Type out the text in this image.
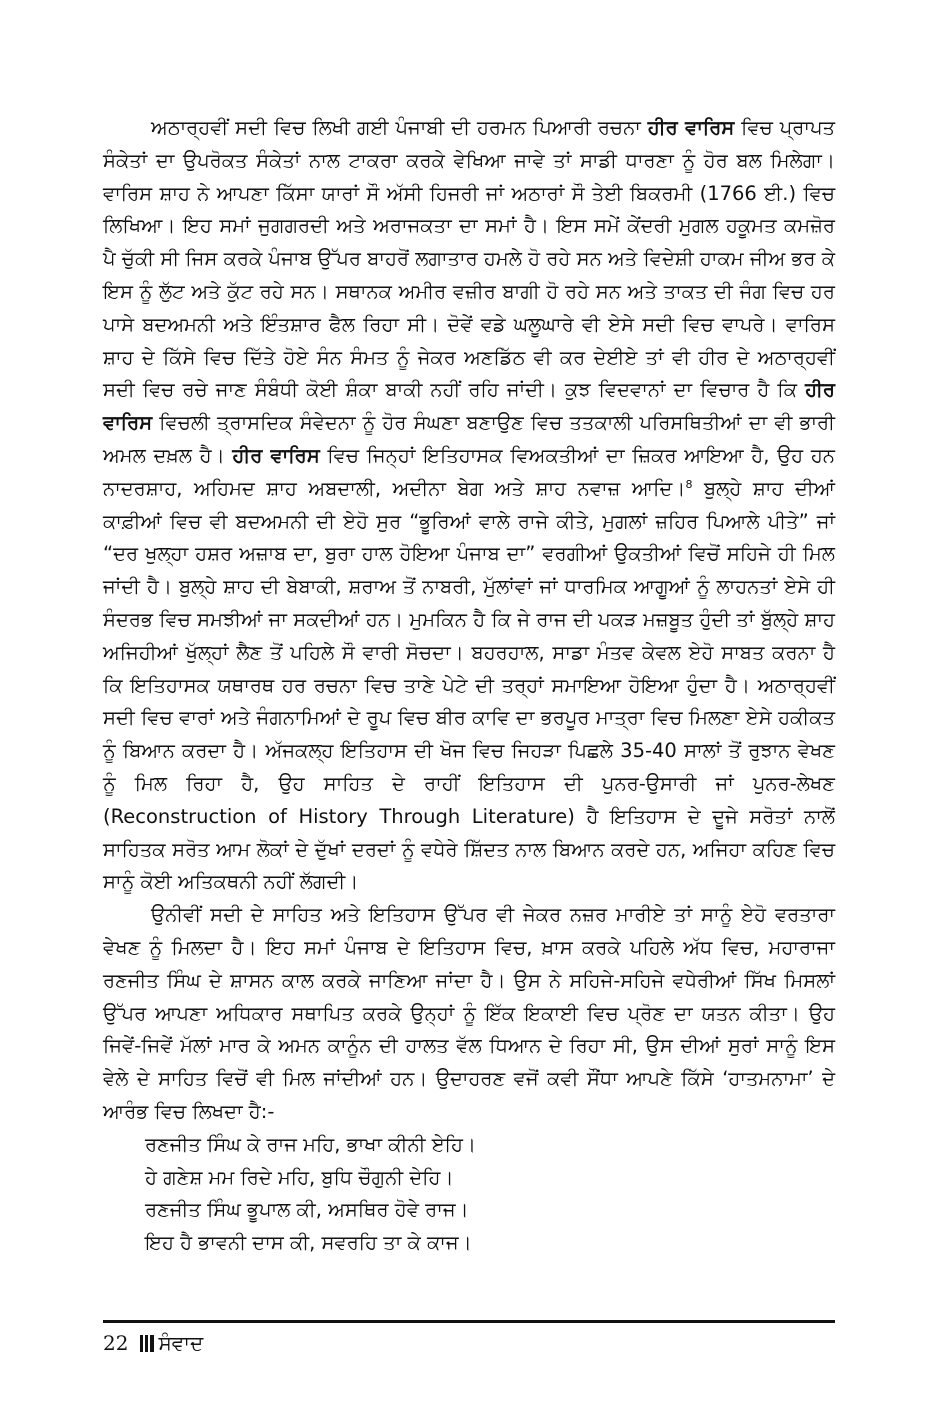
ਅਠਾਰ੍ਹਵੀਂ ਸਦੀ ਵਿਚ ਲਿਖੀ ਗਈ ਪੰਜਾਬੀ ਦੀ ਹਰਮਨ ਪਿਆਰੀ ਰਚਨਾ ਹੀਰ ਵਾਰਿਸ ਵਿਚ ਪ੍ਰਾਪਤ ਸੰਕੇਤਾਂ ਦਾ ਉਪਰੋਕਤ ਸੰਕੇਤਾਂ ਨਾਲ ਟਾਕਰਾ ਕਰਕੇ ਵੇਖਿਆ ਜਾਵੇ ਤਾਂ ਸਾਡੀ ਧਾਰਣਾ ਨੂੰ ਹੋਰ ਬਲ ਮਿਲੇਗਾ। ਵਾਰਿਸ ਸ਼ਾਹ ਨੇ ਆਪਣਾ ਕਿੱਸਾ ਯਾਰਾਂ ਸੌ ਅੱਸੀ ਹਿਜਰੀ ਜਾਂ ਅਠਾਰਾਂ ਸੌ ਤੇਈ ਬਿਕਰਮੀ (1766 ਈ.) ਵਿਚ ਲਿਖਿਆ। ਇਹ ਸਮਾਂ ਜੁਗਗਰਦੀ ਅਤੇ ਅਰਾਜਕਤਾ ਦਾ ਸਮਾਂ ਹੈ। ਇਸ ਸਮੇਂ ਕੇਂਦਰੀ ਮੁਗਲ ਹਕੂਮਤ ਕਮਜ਼ੋਰ ਪੈ ਚੁੱਕੀ ਸੀ ਜਿਸ ਕਰਕੇ ਪੰਜਾਬ ਉੱਪਰ ਬਾਹਰੋਂ ਲਗਾਤਾਰ ਹਮਲੇ ਹੋ ਰਹੇ ਸਨ ਅਤੇ ਵਿਦੇਸ਼ੀ ਹਾਕਮ ਜੀਅ ਭਰ ਕੇ ਇਸ ਨੂੰ ਲੁੱਟ ਅਤੇ ਕੁੱਟ ਰਹੇ ਸਨ। ਸਥਾਨਕ ਅਮੀਰ ਵਜ਼ੀਰ ਬਾਗੀ ਹੋ ਰਹੇ ਸਨ ਅਤੇ ਤਾਕਤ ਦੀ ਜੰਗ ਵਿਚ ਹਰ ਪਾਸੇ ਬਦਅਮਨੀ ਅਤੇ ਇੰਤਸ਼ਾਰ ਫੈਲ ਰਿਹਾ ਸੀ। ਦੋਵੇਂ ਵਡੇ ਘਲੂਘਾਰੇ ਵੀ ਏਸੇ ਸਦੀ ਵਿਚ ਵਾਪਰੇ। ਵਾਰਿਸ ਸ਼ਾਹ ਦੇ ਕਿੱਸੇ ਵਿਚ ਦਿੱਤੇ ਹੋਏ ਸੰਨ ਸੰਮਤ ਨੂੰ ਜੇਕਰ ਅਣਡਿੱਠ ਵੀ ਕਰ ਦੇਈਏ ਤਾਂ ਵੀ ਹੀਰ ਦੇ ਅਠਾਰ੍ਹਵੀਂ ਸਦੀ ਵਿਚ ਰਚੇ ਜਾਣ ਸੰਬੰਧੀ ਕੋਈ ਸ਼ੰਕਾ ਬਾਕੀ ਨਹੀਂ ਰਹਿ ਜਾਂਦੀ। ਕੁਝ ਵਿਦਵਾਨਾਂ ਦਾ ਵਿਚਾਰ ਹੈ ਕਿ ਹੀਰ ਵਾਰਿਸ ਵਿਚਲੀ ਤ੍ਰਾਸਦਿਕ ਸੰਵੇਦਨਾ ਨੂੰ ਹੋਰ ਸੰਘਣਾ ਬਣਾਉਣ ਵਿਚ ਤਤਕਾਲੀ ਪਰਿਸਥਿਤੀਆਂ ਦਾ ਵੀ ਭਾਰੀ ਅਮਲ ਦਖ਼ਲ ਹੈ। ਹੀਰ ਵਾਰਿਸ ਵਿਚ ਜਿਨ੍ਹਾਂ ਇਤਿਹਾਸਕ ਵਿਅਕਤੀਆਂ ਦਾ ਜ਼ਿਕਰ ਆਇਆ ਹੈ, ਉਹ ਹਨ ਨਾਦਰਸ਼ਾਹ, ਅਹਿਮਦ ਸ਼ਾਹ ਅਬਦਾਲੀ, ਅਦੀਨਾ ਬੇਗ ਅਤੇ ਸ਼ਾਹ ਨਵਾਜ਼ ਆਦਿ।$^8$ ਬੁਲ੍ਹੇ ਸ਼ਾਹ ਦੀਆਂ ਕਾਫ਼ੀਆਂ ਵਿਚ ਵੀ ਬਦਅਮਨੀ ਦੀ ਏਹੋ ਸੁਰ “ਭੂਰਿਆਂ ਵਾਲੇ ਰਾਜੇ ਕੀਤੇ, ਮੁਗਲਾਂ ਜ਼ਹਿਰ ਪਿਆਲੇ ਪੀਤੇ” ਜਾਂ “ਦਰ ਖੁਲ੍ਹਾ ਹਸ਼ਰ ਅਜ਼ਾਬ ਦਾ, ਬੁਰਾ ਹਾਲ ਹੋਇਆ ਪੰਜਾਬ ਦਾ” ਵਰਗੀਆਂ ਉਕਤੀਆਂ ਵਿਚੋਂ ਸਹਿਜੇ ਹੀ ਮਿਲ ਜਾਂਦੀ ਹੈ। ਬੁਲ੍ਹੇ ਸ਼ਾਹ ਦੀ ਬੇਬਾਕੀ, ਸ਼ਰਾਅ ਤੋਂ ਨਾਬਰੀ, ਮੁੱਲਾਂਵਾਂ ਜਾਂ ਧਾਰਮਿਕ ਆਗੂਆਂ ਨੂੰ ਲਾਹਨਤਾਂ ਏਸੇ ਹੀ ਸੰਦਰਭ ਵਿਚ ਸਮਝੀਆਂ ਜਾ ਸਕਦੀਆਂ ਹਨ। ਮੁਮਕਿਨ ਹੈ ਕਿ ਜੇ ਰਾਜ ਦੀ ਪਕੜ ਮਜ਼ਬੂਤ ਹੁੰਦੀ ਤਾਂ ਬੁੱਲ੍ਹੇ ਸ਼ਾਹ ਅਜਿਹੀਆਂ ਖੁੱਲ੍ਹਾਂ ਲੈਣ ਤੋਂ ਪਹਿਲੇ ਸੌ ਵਾਰੀ ਸੋਚਦਾ। ਬਹਰਹਾਲ, ਸਾਡਾ ਮੰਤਵ ਕੇਵਲ ਏਹੋ ਸਾਬਤ ਕਰਨਾ ਹੈ ਕਿ ਇਤਿਹਾਸਕ ਯਥਾਰਥ ਹਰ ਰਚਨਾ ਵਿਚ ਤਾਣੇ ਪੇਟੇ ਦੀ ਤਰ੍ਹਾਂ ਸਮਾਇਆ ਹੋਇਆ ਹੁੰਦਾ ਹੈ। ਅਠਾਰ੍ਹਵੀਂ ਸਦੀ ਵਿਚ ਵਾਰਾਂ ਅਤੇ ਜੰਗਨਾਮਿਆਂ ਦੇ ਰੂਪ ਵਿਚ ਬੀਰ ਕਾਵਿ ਦਾ ਭਰਪੂਰ ਮਾਤ੍ਰਾ ਵਿਚ ਮਿਲਣਾ ਏਸੇ ਹਕੀਕਤ ਨੂੰ ਬਿਆਨ ਕਰਦਾ ਹੈ। ਅੱਜਕਲ੍ਹ ਇਤਿਹਾਸ ਦੀ ਖੋਜ ਵਿਚ ਜਿਹੜਾ ਪਿਛਲੇ 35-40 ਸਾਲਾਂ ਤੋਂ ਰੁਝਾਨ ਵੇਖਣ ਨੂੰ ਮਿਲ ਰਿਹਾ ਹੈ, ਉਹ ਸਾਹਿਤ ਦੇ ਰਾਹੀਂ ਇਤਿਹਾਸ ਦੀ ਪੁਨਰ-ਉਸਾਰੀ ਜਾਂ ਪੁਨਰ-ਲੇਖਣ (Reconstruction of History Through Literature) ਹੈ ਇਤਿਹਾਸ ਦੇ ਦੂਜੇ ਸਰੋਤਾਂ ਨਾਲੋਂ ਸਾਹਿਤਕ ਸਰੋਤ ਆਮ ਲੋਕਾਂ ਦੇ ਦੁੱਖਾਂ ਦਰਦਾਂ ਨੂੰ ਵਧੇਰੇ ਸ਼ਿੱਦਤ ਨਾਲ ਬਿਆਨ ਕਰਦੇ ਹਨ, ਅਜਿਹਾ ਕਹਿਣ ਵਿਚ ਸਾਨੂੰ ਕੋਈ ਅਤਿਕਥਨੀ ਨਹੀਂ ਲੱਗਦੀ।

ਉਨੀਵੀਂ ਸਦੀ ਦੇ ਸਾਹਿਤ ਅਤੇ ਇਤਿਹਾਸ ਉੱਪਰ ਵੀ ਜੇਕਰ ਨਜ਼ਰ ਮਾਰੀਏ ਤਾਂ ਸਾਨੂੰ ਏਹੋ ਵਰਤਾਰਾ ਵੇਖਣ ਨੂੰ ਮਿਲਦਾ ਹੈ। ਇਹ ਸਮਾਂ ਪੰਜਾਬ ਦੇ ਇਤਿਹਾਸ ਵਿਚ, ਖ਼ਾਸ ਕਰਕੇ ਪਹਿਲੇ ਅੱਧ ਵਿਚ, ਮਹਾਰਾਜਾ ਰਣਜੀਤ ਸਿੰਘ ਦੇ ਸ਼ਾਸਨ ਕਾਲ ਕਰਕੇ ਜਾਣਿਆ ਜਾਂਦਾ ਹੈ। ਉਸ ਨੇ ਸਹਿਜੇ-ਸਹਿਜੇ ਵਧੇਰੀਆਂ ਸਿੱਖ ਮਿਸਲਾਂ ਉੱਪਰ ਆਪਣਾ ਅਧਿਕਾਰ ਸਥਾਪਿਤ ਕਰਕੇ ਉਨ੍ਹਾਂ ਨੂੰ ਇੱਕ ਇਕਾਈ ਵਿਚ ਪ੍ਰੋਣ ਦਾ ਯਤਨ ਕੀਤਾ। ਉਹ ਜਿਵੇਂ-ਜਿਵੇਂ ਮੱਲਾਂ ਮਾਰ ਕੇ ਅਮਨ ਕਾਨੂੰਨ ਦੀ ਹਾਲਤ ਵੱਲ ਧਿਆਨ ਦੇ ਰਿਹਾ ਸੀ, ਉਸ ਦੀਆਂ ਸੁਰਾਂ ਸਾਨੂੰ ਇਸ ਵੇਲੇ ਦੇ ਸਾਹਿਤ ਵਿਚੋਂ ਵੀ ਮਿਲ ਜਾਂਦੀਆਂ ਹਨ। ਉਦਾਹਰਣ ਵਜੋਂ ਕਵੀ ਸੌਂਧਾ ਆਪਣੇ ਕਿੱਸੇ ‘ਹਾਤਮਨਾਮਾ’ ਦੇ ਆਰੰਭ ਵਿਚ ਲਿਖਦਾ ਹੈ:-

ਰਣਜੀਤ ਸਿੰਘ ਕੇ ਰਾਜ ਮਹਿ, ਭਾਖਾ ਕੀਨੀ ਏਹਿ।
ਹੇ ਗਣੇਸ਼ ਮਮ ਰਿਦੇ ਮਹਿ, ਬੁਧਿ ਚੌਗੁਨੀ ਦੇਹਿ।
ਰਣਜੀਤ ਸਿੰਘ ਭੂਪਾਲ ਕੀ, ਅਸਥਿਰ ਹੋਵੇ ਰਾਜ।
ਇਹ ਹੈ ਭਾਵਨੀ ਦਾਸ ਕੀ, ਸਵਰਹਿ ਤਾ ਕੇ ਕਾਜ।
22 ਸੰਵਾਦ
